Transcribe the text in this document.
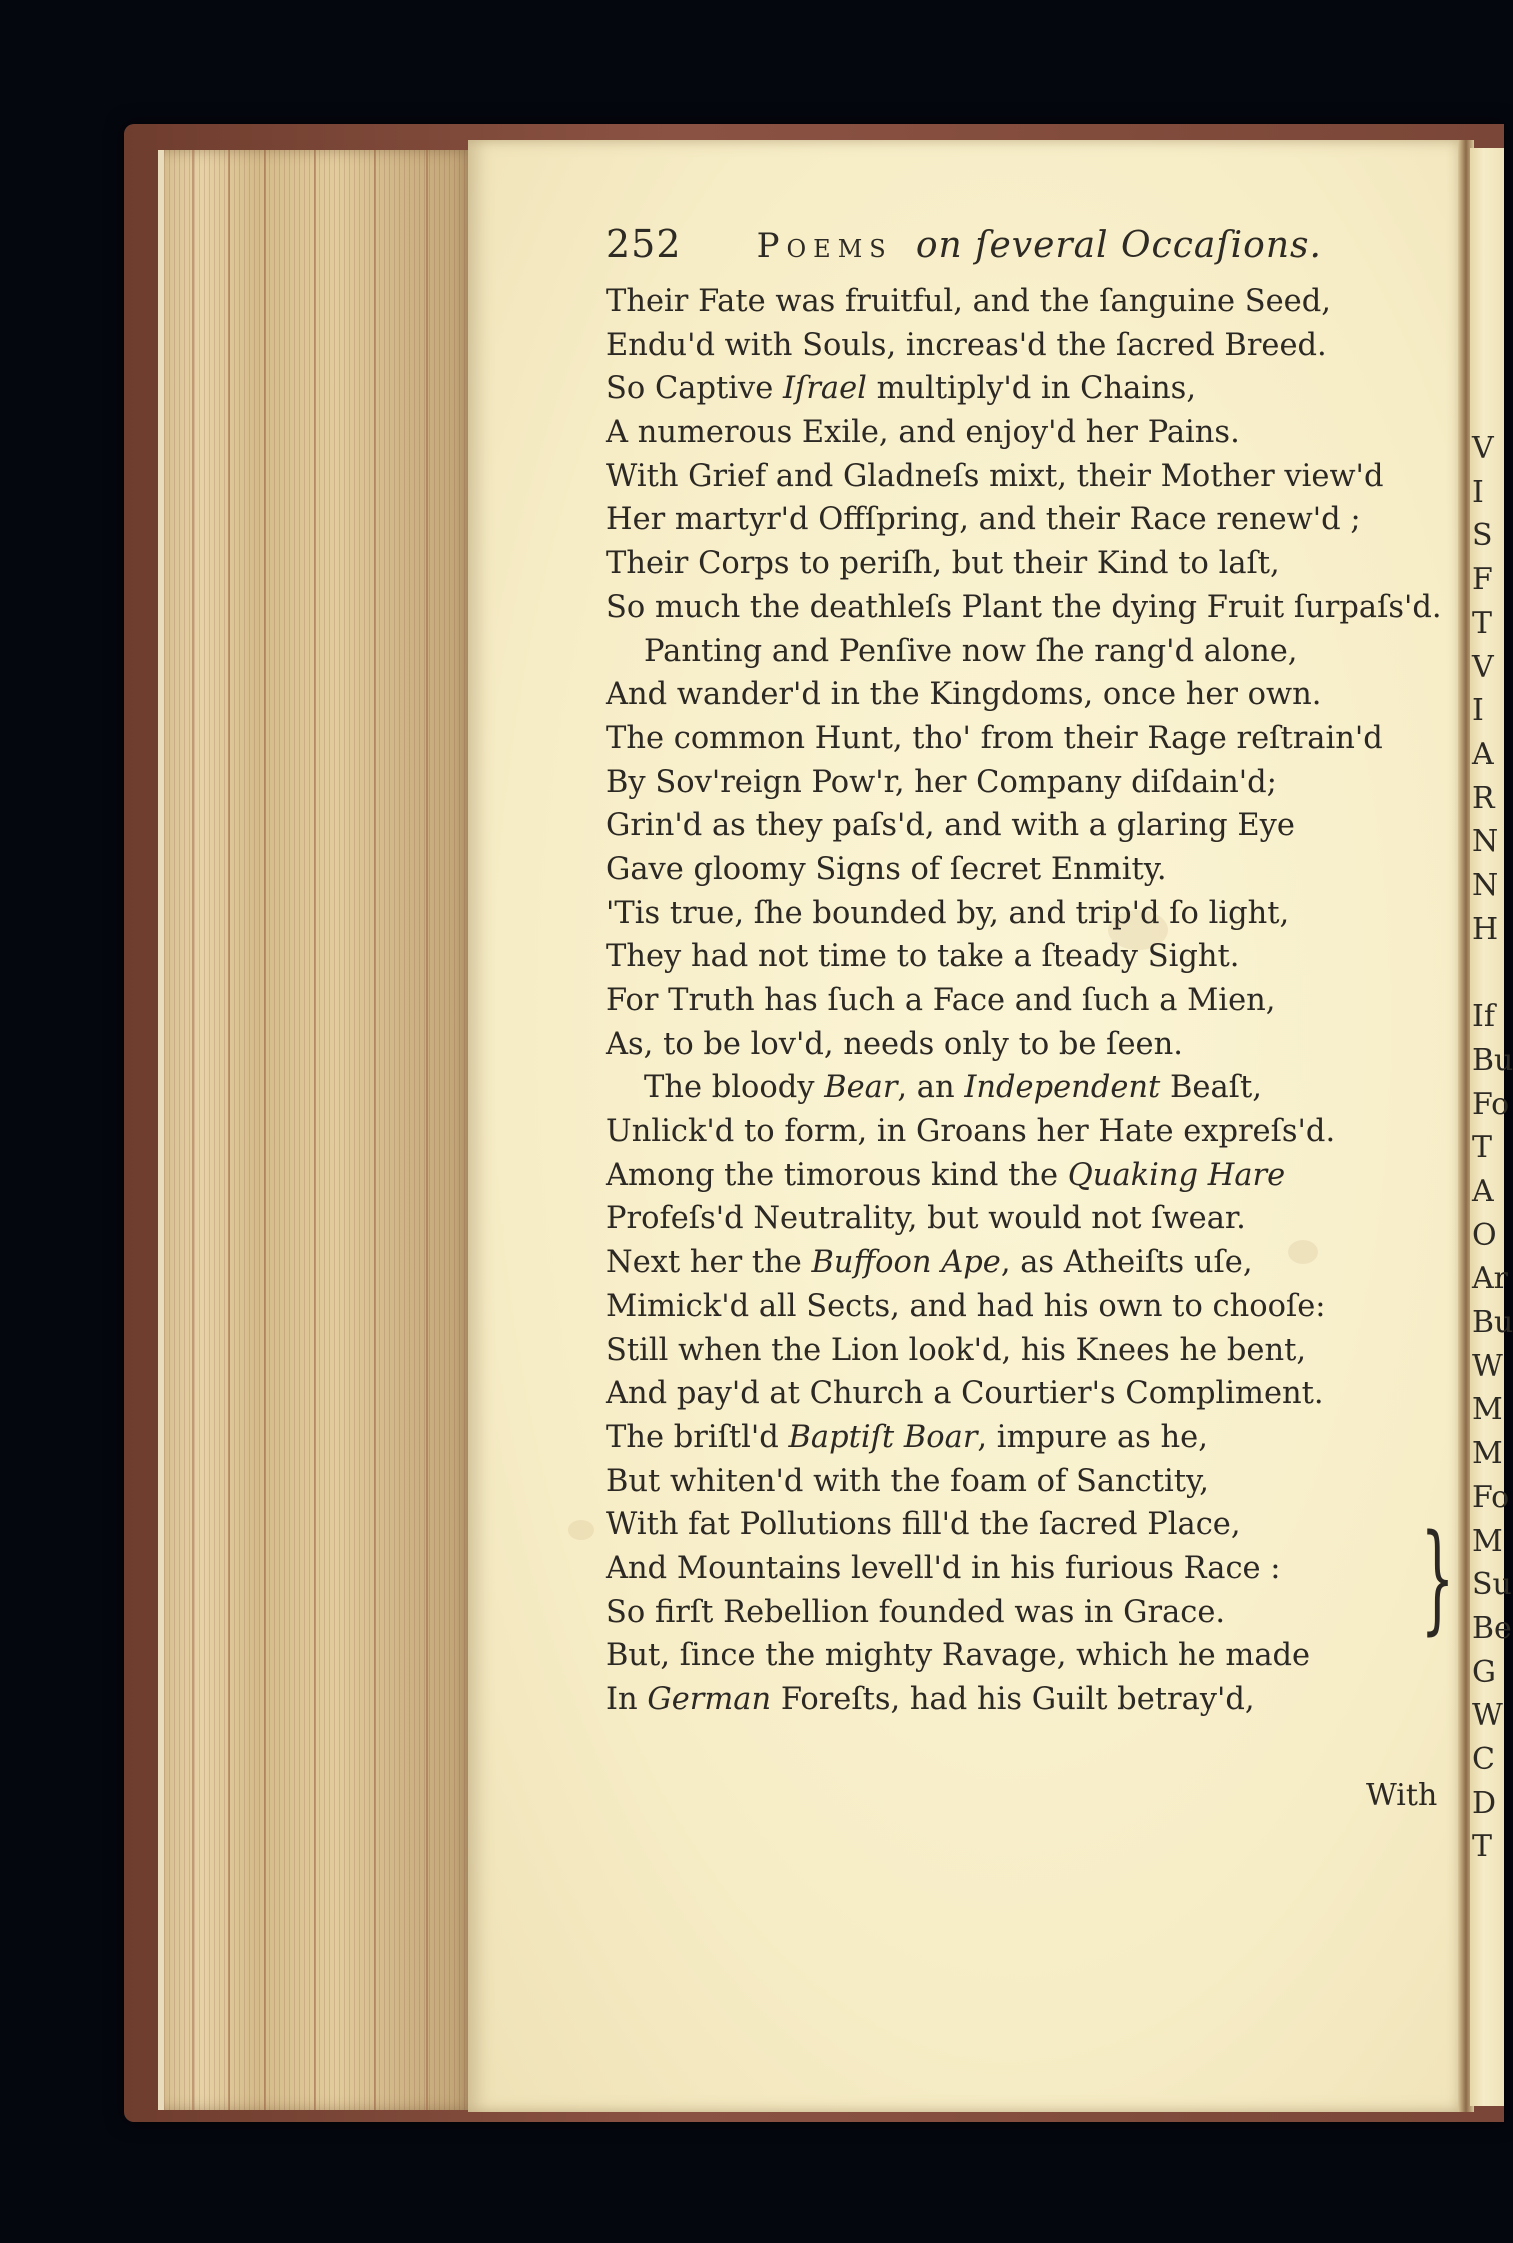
V
I
S
F
T
V
I
A
R
N
N
H
If
Bu
Fo
T
A
O
Ar
Bu
W
M
M
Fo
M
Su
Be
G
W
C
D
T
252 Poems on ſeveral Occaſions.
Their Fate was fruitful, and the ſanguine Seed,
Endu'd with Souls, increas'd the ſacred Breed.
So Captive Iſrael multiply'd in Chains,
A numerous Exile, and enjoy'd her Pains.
With Grief and Gladneſs mixt, their Mother view'd
Her martyr'd Offſpring, and their Race renew'd ;
Their Corps to periſh, but their Kind to laſt,
So much the deathleſs Plant the dying Fruit ſurpaſs'd.
Panting and Penſive now ſhe rang'd alone,
And wander'd in the Kingdoms, once her own.
The common Hunt, tho' from their Rage reſtrain'd
By Sov'reign Pow'r, her Company diſdain'd;
Grin'd as they paſs'd, and with a glaring Eye
Gave gloomy Signs of ſecret Enmity.
'Tis true, ſhe bounded by, and trip'd ſo light,
They had not time to take a ſteady Sight.
For Truth has ſuch a Face and ſuch a Mien,
As, to be lov'd, needs only to be ſeen.
The bloody Bear, an Independent Beaſt,
Unlick'd to form, in Groans her Hate expreſs'd.
Among the timorous kind the Quaking Hare
Profeſs'd Neutrality, but would not ſwear.
Next her the Buffoon Ape, as Atheiſts uſe,
Mimick'd all Sects, and had his own to chooſe:
Still when the Lion look'd, his Knees he bent,
And pay'd at Church a Courtier's Compliment.
The briſtl'd Baptiſt Boar, impure as he,
But whiten'd with the foam of Sanctity,
With fat Pollutions fill'd the ſacred Place,
And Mountains levell'd in his furious Race :
So firſt Rebellion founded was in Grace.
But, ſince the mighty Ravage, which he made
In German Foreſts, had his Guilt betray'd,
}
With
